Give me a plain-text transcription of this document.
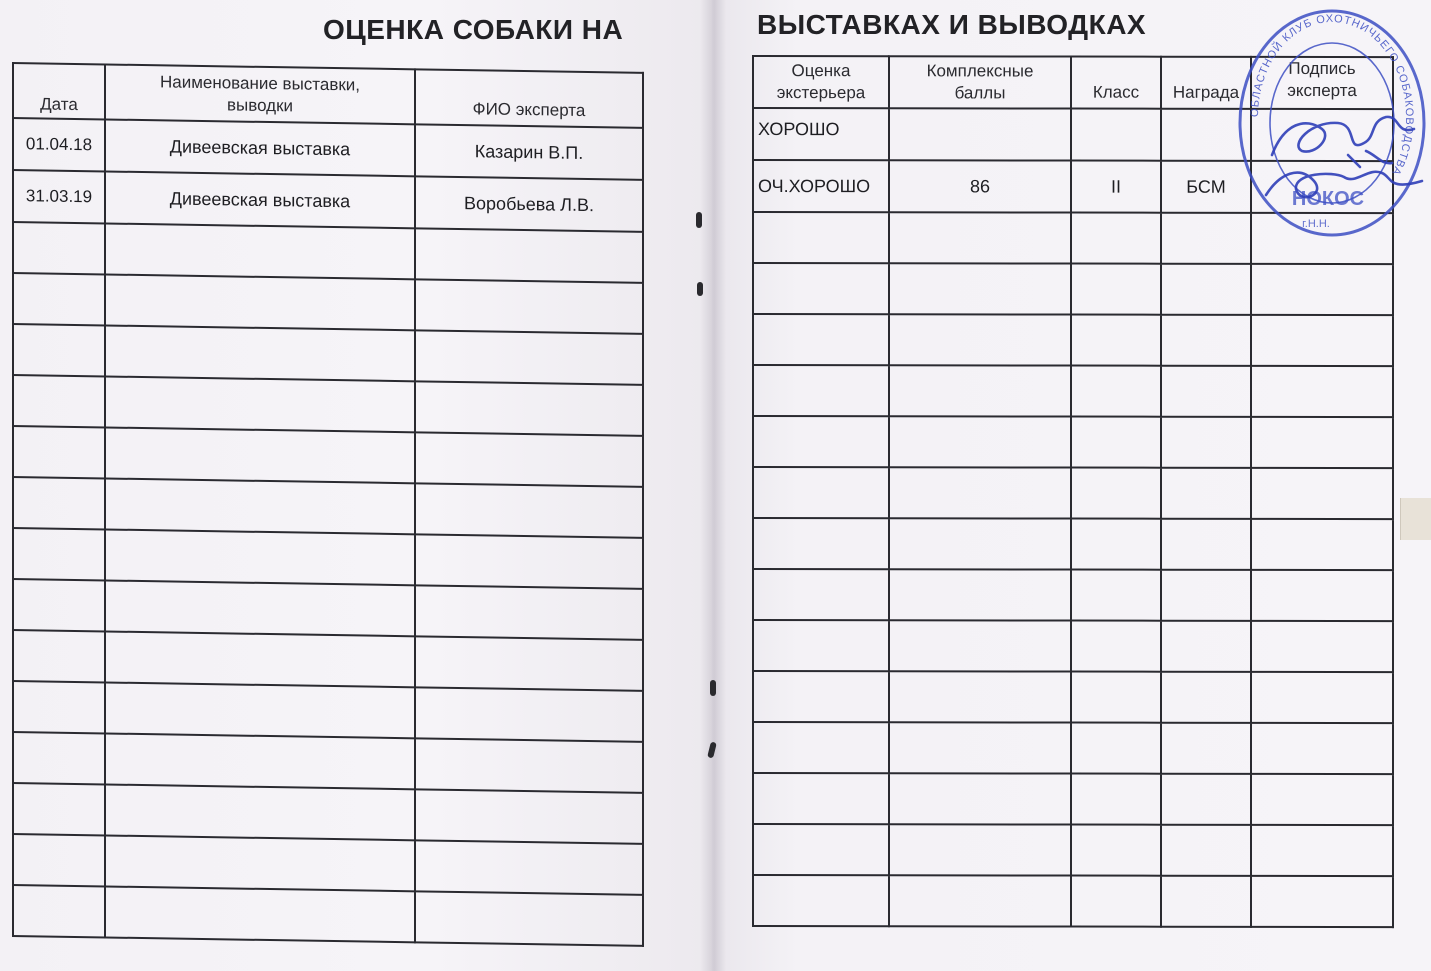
ОЦЕНКА СОБАКИ НА	ВЫСТАВКАХ И ВЫВОДКАХ
Дата	Наименование выставки, выводки	ФИО эксперта
01.04.18	Дивеевская выставка	Казарин В.П.
31.03.19	Дивеевская выставка	Воробьева Л.В.

Оценка экстерьера	Комплексные баллы	Класс	Награда	Подпись эксперта
ХОРОШО				
ОЧ.ХОРОШО	86	II	БСМ	

ОБЛАСТНОЙ КЛУБ ОХОТНИЧЬЕГО СОБАКОВОДСТВА
НОКОС
г.Н.Н.
